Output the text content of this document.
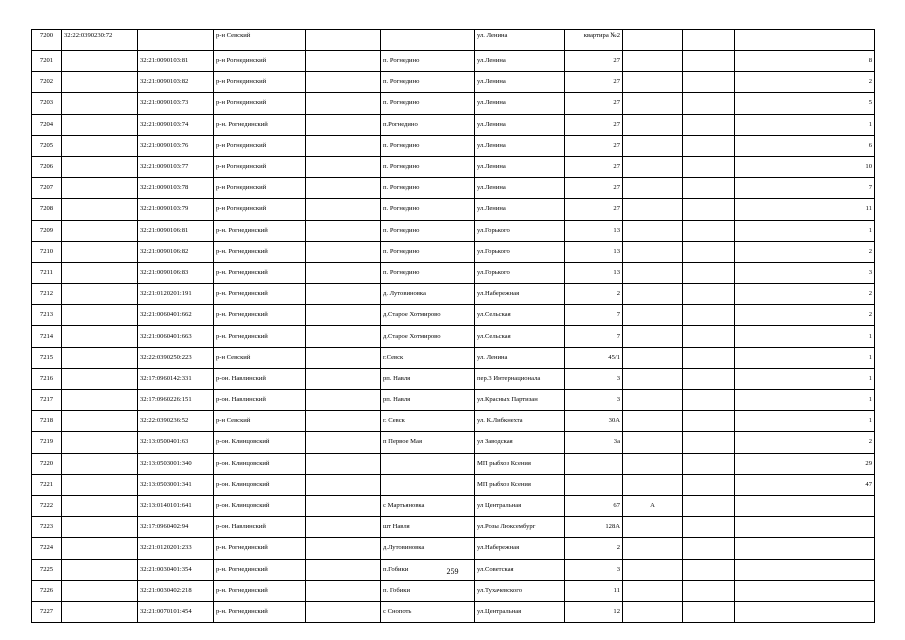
7200	32:22:0390230:72		р-н Севский			ул. Ленина	квартира №2			
7201		32:21:0090103:81	р-н Рогнединский		п. Рогнедино	ул.Ленина	27			8
7202		32:21:0090103:82	р-н Рогнединский		п. Рогнедино	ул.Ленина	27			2
7203		32:21:0090103:73	р-н Рогнединский		п. Рогнедино	ул.Ленина	27			5
7204		32:21:0090103:74	р-н. Рогнединский		п.Рогнедино	ул.Ленина	27			1
7205		32:21:0090103:76	р-н Рогнединский		п. Рогнедино	ул.Ленина	27			6
7206		32:21:0090103:77	р-н Рогнединский		п. Рогнедино	ул.Ленина	27			10
7207		32:21:0090103:78	р-н Рогнединский		п. Рогнедино	ул.Ленина	27			7
7208		32:21:0090103:79	р-н Рогнединский		п. Рогнедино	ул.Ленина	27			11
7209		32:21:0090106:81	р-н. Рогнединский		п. Рогнедино	ул.Горького	13			1
7210		32:21:0090106:82	р-н. Рогнединский		п. Рогнедино	ул.Горького	13			2
7211		32:21:0090106:83	р-н. Рогнединский		п. Рогнедино	ул.Горького	13			3
7212		32:21:0120201:191	р-н. Рогнединский		д. Лутовиновка	ул.Набережная	2			2
7213		32:21:0060401:662	р-н. Рогнединский		д.Старое Хотмирово	ул.Сельская	7			2
7214		32:21:0060401:663	р-н. Рогнединский		д.Старое Хотмирово	ул.Сельская	7			1
7215		32:22:0390250:223	р-н Севский		г.Севск	ул. Ленина	45/1			1
7216		32:17:0960142:331	р-он. Навлинский		рп. Навля	пер.3 Интернационала	3			1
7217		32:17:0960226:151	р-он. Навлинский		рп. Навля	ул.Красных Партизан	3			1
7218		32:22:0390236:52	р-н Севский		г. Севск	ул. К.Либкнехта	30А			1
7219		32:13:0500401:63	р-он. Клинцовский		п Первое Мая	ул Заводская	3а			2
7220		32:13:0503001:340	р-он. Клинцовский			МП рыбхоз Ксения				29
7221		32:13:0503001:341	р-он. Клинцовский			МП рыбхоз Ксения				47
7222		32:13:0140101:641	р-он. Клинцовский		с Мартьяновка	ул Центральная	67	А		
7223		32:17:0960402:94	р-он. Навлинский		шт Навля	ул.Розы Люксембург	128А			
7224		32:21:0120201:233	р-н. Рогнединский		д.Лутовиновка	ул.Набережная	2			
7225		32:21:0030401:354	р-н. Рогнединский		п.Гобики	ул.Советская	3			
7226		32:21:0030402:218	р-н. Рогнединский		п. Гобики	ул.Тухачевского	11			
7227		32:21:0070101:454	р-н. Рогнединский		с Снопоть	ул.Центральная	12			
259
